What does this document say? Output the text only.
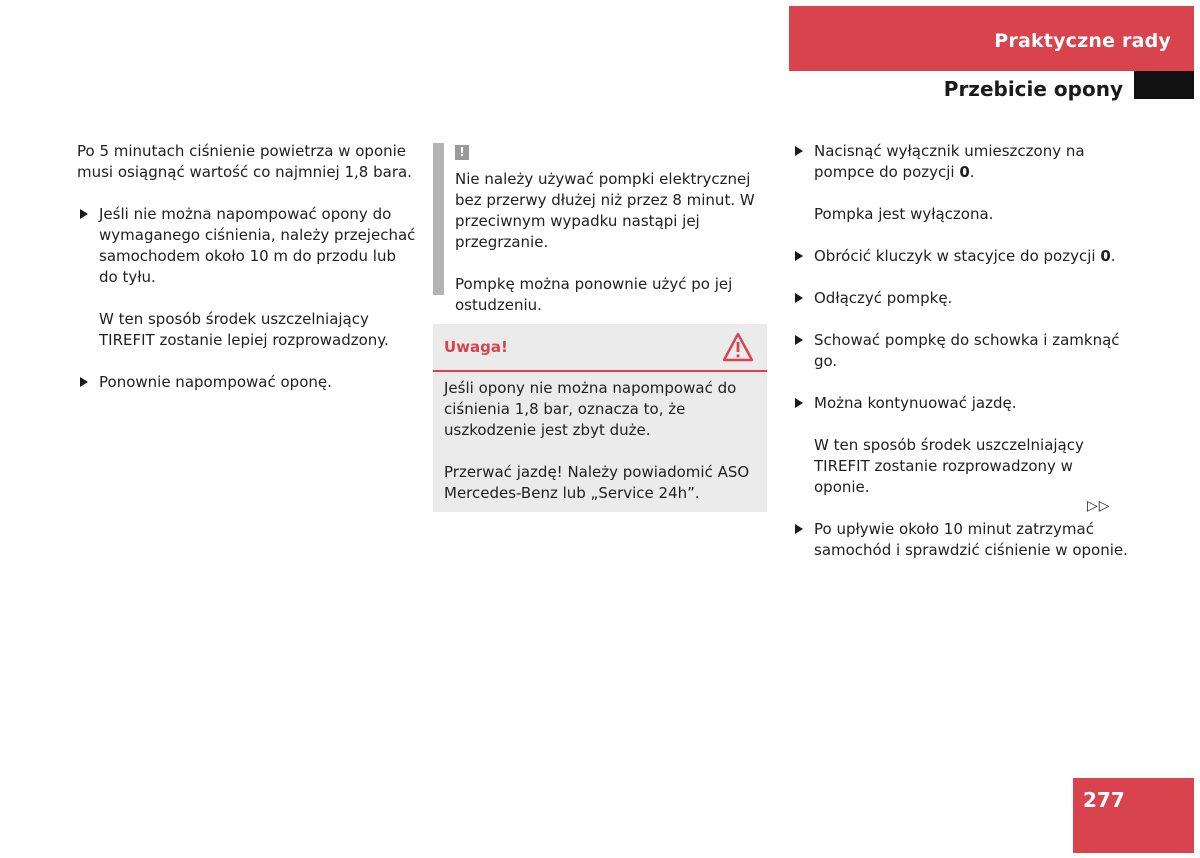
Praktyczne rady
Przebicie opony

Po 5 minutach ciśnienie powietrza w oponie musi osiągnąć wartość co najmniej 1,8 bara.

Jeśli nie można napompować opony do wymaganego ciśnienia, należy przejechać samochodem około 10 m do przodu lub do tyłu.

W ten sposób środek uszczelniający TIREFIT zostanie lepiej rozprowadzony.

Ponownie napompować oponę.
!

Nie należy używać pompki elektrycznej bez przerwy dłużej niż przez 8 minut. W przeciwnym wypadku nastąpi jej przegrzanie.

Pompkę można ponownie użyć po jej ostudzeniu.

Uwaga!

Jeśli opony nie można napompować do ciśnienia 1,8 bar, oznacza to, że uszkodzenie jest zbyt duże.

Przerwać jazdę! Należy powiadomić ASO Mercedes-Benz lub „Service 24h”.

Nacisnąć wyłącznik umieszczony na pompce do pozycji 0.

Pompka jest wyłączona.

Obrócić kluczyk w stacyjce do pozycji 0.
Odłączyć pompkę.
Schować pompkę do schowka i zamknąć go.
Można kontynuować jazdę.

W ten sposób środek uszczelniający TIREFIT zostanie rozprowadzony w oponie.

Po upływie około 10 minut zatrzymać samochód i sprawdzić ciśnienie w oponie.
▷▷
277
